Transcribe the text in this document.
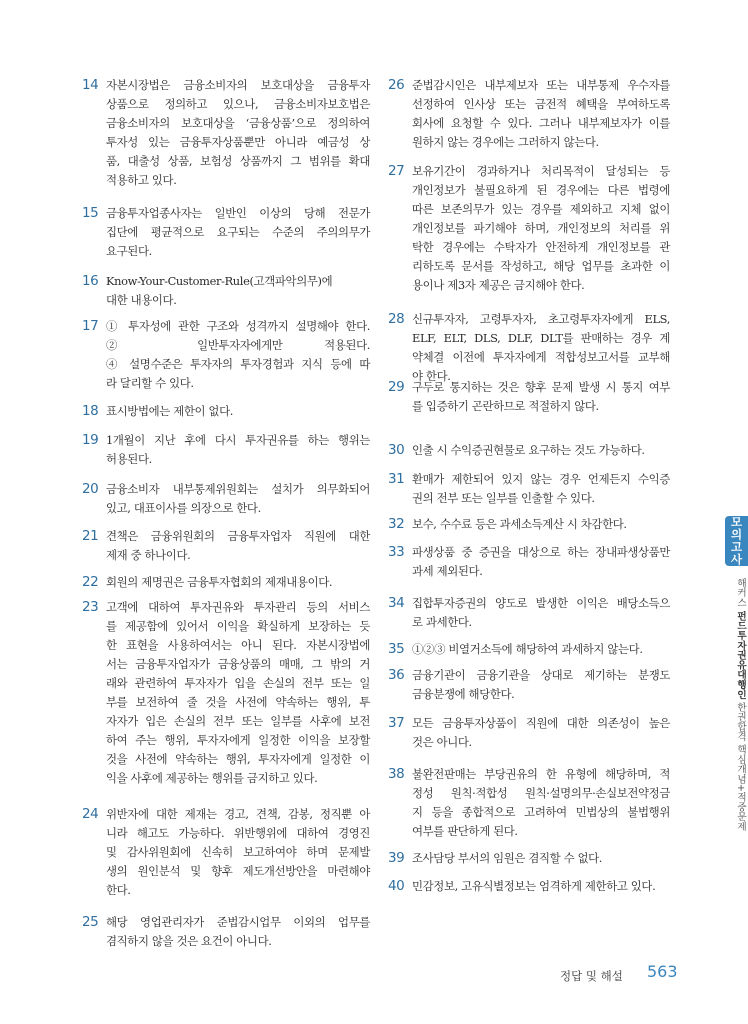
14 자본시장법은 금융소비자의 보호대상을 금융투자
상품으로 정의하고 있으나, 금융소비자보호법은
금융소비자의 보호대상을 ‘금융상품’으로 정의하여
투자성 있는 금융투자상품뿐만 아니라 예금성 상
품, 대출성 상품, 보험성 상품까지 그 범위를 확대
적용하고 있다.
15 금융투자업종사자는 일반인 이상의 당해 전문가
집단에 평균적으로 요구되는 수준의 주의의무가
요구된다.
16 Know-Your-Customer-Rule(고객파악의무)에
대한 내용이다.
17 ① 투자성에 관한 구조와 성격까지 설명해야 한다.
② 일반투자자에게만 적용된다.
④ 설명수준은 투자자의 투자경험과 지식 등에 따
라 달리할 수 있다.
18 표시방법에는 제한이 없다.
19 1개월이 지난 후에 다시 투자권유를 하는 행위는
허용된다.
20 금융소비자 내부통제위원회는 설치가 의무화되어
있고, 대표이사를 의장으로 한다.
21 견책은 금융위원회의 금융투자업자 직원에 대한
제재 중 하나이다.
22 회원의 제명권은 금융투자협회의 제재내용이다.
23 고객에 대하여 투자권유와 투자관리 등의 서비스
를 제공함에 있어서 이익을 확실하게 보장하는 듯
한 표현을 사용하여서는 아니 된다. 자본시장법에
서는 금융투자업자가 금융상품의 매매, 그 밖의 거
래와 관련하여 투자자가 입을 손실의 전부 또는 일
부를 보전하여 줄 것을 사전에 약속하는 행위, 투
자자가 입은 손실의 전부 또는 일부를 사후에 보전
하여 주는 행위, 투자자에게 일정한 이익을 보장할
것을 사전에 약속하는 행위, 투자자에게 일정한 이
익을 사후에 제공하는 행위를 금지하고 있다.
24 위반자에 대한 제재는 경고, 견책, 감봉, 정직뿐 아
니라 해고도 가능하다. 위반행위에 대하여 경영진
및 감사위원회에 신속히 보고하여야 하며 문제발
생의 원인분석 및 향후 제도개선방안을 마련해야
한다.
25 해당 영업관리자가 준법감시업무 이외의 업무를
겸직하지 않을 것은 요건이 아니다.
26 준법감시인은 내부제보자 또는 내부통제 우수자를
선정하여 인사상 또는 금전적 혜택을 부여하도록
회사에 요청할 수 있다. 그러나 내부제보자가 이를
원하지 않는 경우에는 그러하지 않는다.
27 보유기간이 경과하거나 처리목적이 달성되는 등
개인정보가 불필요하게 된 경우에는 다른 법령에
따른 보존의무가 있는 경우를 제외하고 지체 없이
개인정보를 파기해야 하며, 개인정보의 처리를 위
탁한 경우에는 수탁자가 안전하게 개인정보를 관
리하도록 문서를 작성하고, 해당 업무를 초과한 이
용이나 제3자 제공은 금지해야 한다.
28 신규투자자, 고령투자자, 초고령투자자에게 ELS,
ELF, ELT, DLS, DLF, DLT를 판매하는 경우 계
약체결 이전에 투자자에게 적합성보고서를 교부해
야 한다.
29 구두로 통지하는 것은 향후 문제 발생 시 통지 여부
를 입증하기 곤란하므로 적절하지 않다.
30 인출 시 수익증권현물로 요구하는 것도 가능하다.
31 환매가 제한되어 있지 않는 경우 언제든지 수익증
권의 전부 또는 일부를 인출할 수 있다.
32 보수, 수수료 등은 과세소득계산 시 차감한다.
33 파생상품 중 증권을 대상으로 하는 장내파생상품만
과세 제외된다.
34 집합투자증권의 양도로 발생한 이익은 배당소득으
로 과세한다.
35 ①②③ 비열거소득에 해당하여 과세하지 않는다.
36 금융기관이 금융기관을 상대로 제기하는 분쟁도
금융분쟁에 해당한다.
37 모든 금융투자상품이 직원에 대한 의존성이 높은
것은 아니다.
38 불완전판매는 부당권유의 한 유형에 해당하며, 적
정성 원칙·적합성 원칙·설명의무·손실보전약정금
지 등을 종합적으로 고려하여 민법상의 불법행위
여부를 판단하게 된다.
39 조사담당 부서의 임원은 겸직할 수 없다.
40 민감정보, 고유식별정보는 엄격하게 제한하고 있다.
모의고사
해커스 펀드투자권유대행인 한권합격 핵심개념+적중문제
정답 및 해설 563
